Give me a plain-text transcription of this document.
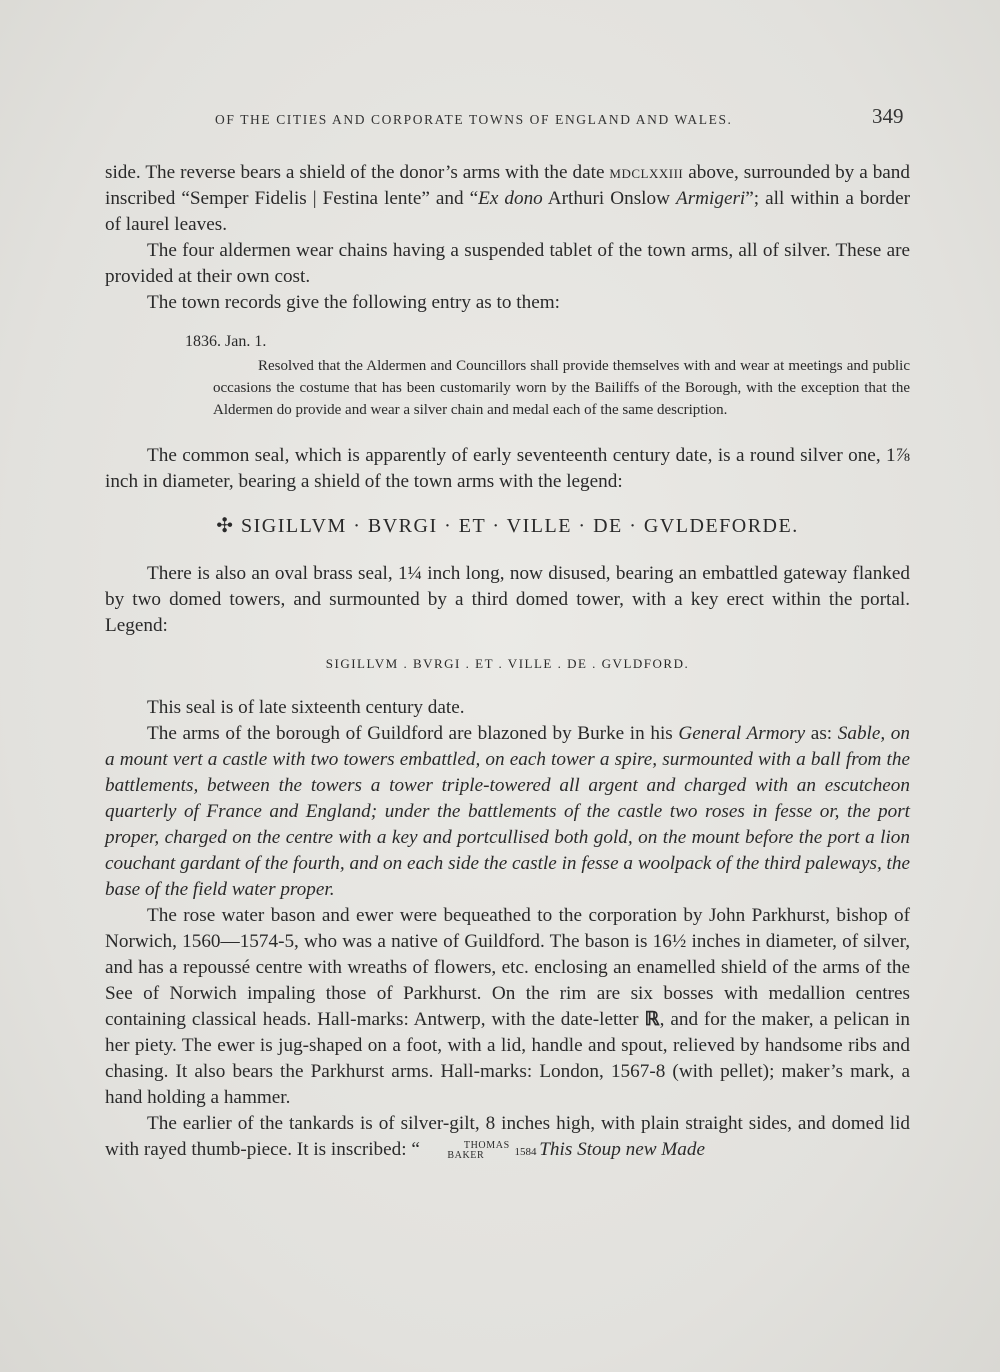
OF THE CITIES AND CORPORATE TOWNS OF ENGLAND AND WALES.	349

side. The reverse bears a shield of the donor’s arms with the date mdclxxiii above, surrounded by a band inscribed “Semper Fidelis | Festina lente” and “Ex dono Arthuri Onslow Armigeri”; all within a border of laurel leaves.

The four aldermen wear chains having a suspended tablet of the town arms, all of silver. These are provided at their own cost.

The town records give the following entry as to them:

1836. Jan. 1.

Resolved that the Aldermen and Councillors shall provide themselves with and wear at meetings and public occasions the costume that has been customarily worn by the Bailiffs of the Borough, with the exception that the Aldermen do provide and wear a silver chain and medal each of the same description.

The common seal, which is apparently of early seventeenth century date, is a round silver one, 1⅞ inch in diameter, bearing a shield of the town arms with the legend:

✣ SIGILLVM · BVRGI · ET · VILLE · DE · GVLDEFORDE.

There is also an oval brass seal, 1¼ inch long, now disused, bearing an embattled gateway flanked by two domed towers, and surmounted by a third domed tower, with a key erect within the portal. Legend:

SIGILLVM . BVRGI . ET . VILLE . DE . GVLDFORD.

This seal is of late sixteenth century date.

The arms of the borough of Guildford are blazoned by Burke in his General Armory as: Sable, on a mount vert a castle with two towers embattled, on each tower a spire, surmounted with a ball from the battlements, between the towers a tower triple-towered all argent and charged with an escutcheon quarterly of France and England; under the battlements of the castle two roses in fesse or, the port proper, charged on the centre with a key and portcullised both gold, on the mount before the port a lion couchant gardant of the fourth, and on each side the castle in fesse a woolpack of the third paleways, the base of the field water proper.

The rose water bason and ewer were bequeathed to the corporation by John Parkhurst, bishop of Norwich, 1560—1574-5, who was a native of Guildford. The bason is 16½ inches in diameter, of silver, and has a repoussé centre with wreaths of flowers, etc. enclosing an enamelled shield of the arms of the See of Norwich impaling those of Parkhurst. On the rim are six bosses with medallion centres containing classical heads. Hall-marks: Antwerp, with the date-letter ℝ, and for the maker, a pelican in her piety. The ewer is jug-shaped on a foot, with a lid, handle and spout, relieved by handsome ribs and chasing. It also bears the Parkhurst arms. Hall-marks: London, 1567-8 (with pellet); maker’s mark, a hand holding a hammer.

The earlier of the tankards is of silver-gilt, 8 inches high, with plain straight sides, and domed lid with rayed thumb-piece. It is inscribed: “	THOMAS
BAKER 1584 This Stoup new Made
